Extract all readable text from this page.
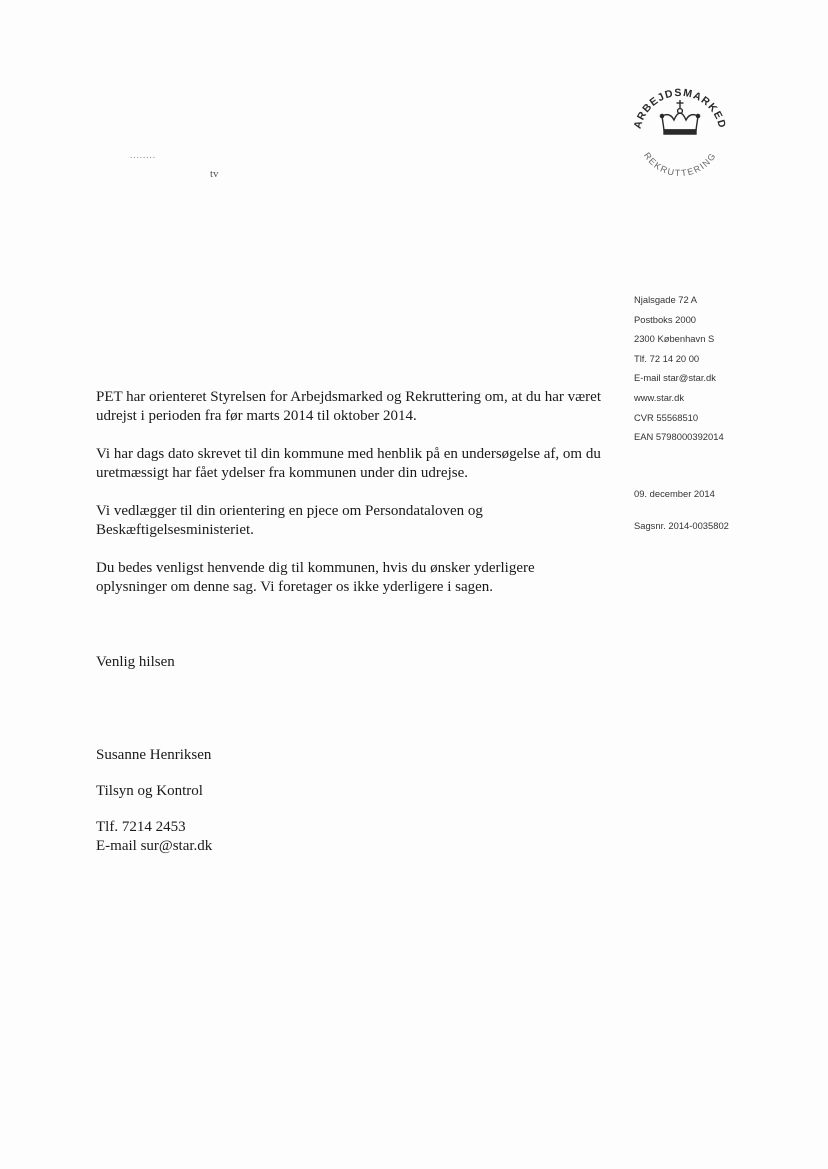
ARBEJDSMARKED
REKRUTTERING
........
tv
Njalsgade 72 A
Postboks 2000
2300 København S
Tlf. 72 14 20 00
E-mail star@star.dk
www.star.dk
CVR 55568510
EAN 5798000392014
09. december 2014
Sagsnr. 2014-0035802

PET har orienteret Styrelsen for Arbejdsmarked og Rekruttering om, at du har været udrejst i perioden fra før marts 2014 til oktober 2014.

Vi har dags dato skrevet til din kommune med henblik på en undersøgelse af, om du uretmæssigt har fået ydelser fra kommunen under din udrejse.

Vi vedlægger til din orientering en pjece om Persondataloven og Beskæftigelsesministeriet.

Du bedes venligst henvende dig til kommunen, hvis du ønsker yderligere oplysninger om denne sag. Vi foretager os ikke yderligere i sagen.

Venlig hilsen
Susanne Henriksen
Tilsyn og Kontrol
Tlf. 7214 2453
E-mail sur@star.dk
